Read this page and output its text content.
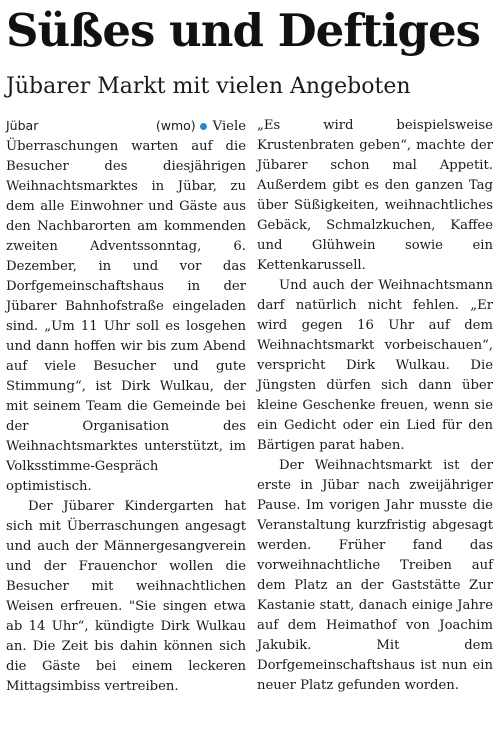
Süßes und Deftiges
Jübarer Markt mit vielen Angeboten

Jübar (wmo) Viele Überraschungen warten auf die Besucher des diesjährigen Weihnachtsmarktes in Jübar, zu dem alle Einwohner und Gäste aus den Nachbarorten am kommenden zweiten Adventssonntag, 6. Dezember, in und vor das Dorfgemeinschaftshaus in der Jübarer Bahnhofstraße eingeladen sind. „Um 11 Uhr soll es losgehen und dann hoffen wir bis zum Abend auf viele Besucher und gute Stimmung“, ist Dirk Wulkau, der mit seinem Team die Gemeinde bei der Organisation des Weihnachtsmarktes unterstützt, im Volksstimme-Gespräch optimistisch.

Der Jübarer Kindergarten hat sich mit Überraschungen angesagt und auch der Männergesangverein und der Frauenchor wollen die Besucher mit weihnachtlichen Weisen erfreuen. "Sie singen etwa ab 14 Uhr“, kündigte Dirk Wulkau an. Die Zeit bis dahin können sich die Gäste bei einem leckeren Mittagsimbiss vertreiben.

„Es wird beispielsweise Krustenbraten geben“, machte der Jübarer schon mal Appetit. Außerdem gibt es den ganzen Tag über Süßigkeiten, weihnachtliches Gebäck, Schmalzkuchen, Kaffee und Glühwein sowie ein Kettenkarussell.

Und auch der Weihnachtsmann darf natürlich nicht fehlen. „Er wird gegen 16 Uhr auf dem Weihnachtsmarkt vorbeischauen“, verspricht Dirk Wulkau. Die Jüngsten dürfen sich dann über kleine Geschenke freuen, wenn sie ein Gedicht oder ein Lied für den Bärtigen parat haben.

Der Weihnachtsmarkt ist der erste in Jübar nach zweijähriger Pause. Im vorigen Jahr musste die Veranstaltung kurzfristig abgesagt werden. Früher fand das vorweihnachtliche Treiben auf dem Platz an der Gaststätte Zur Kastanie statt, danach einige Jahre auf dem Heimathof von Joachim Jakubik. Mit dem Dorfgemeinschaftshaus ist nun ein neuer Platz gefunden worden.
